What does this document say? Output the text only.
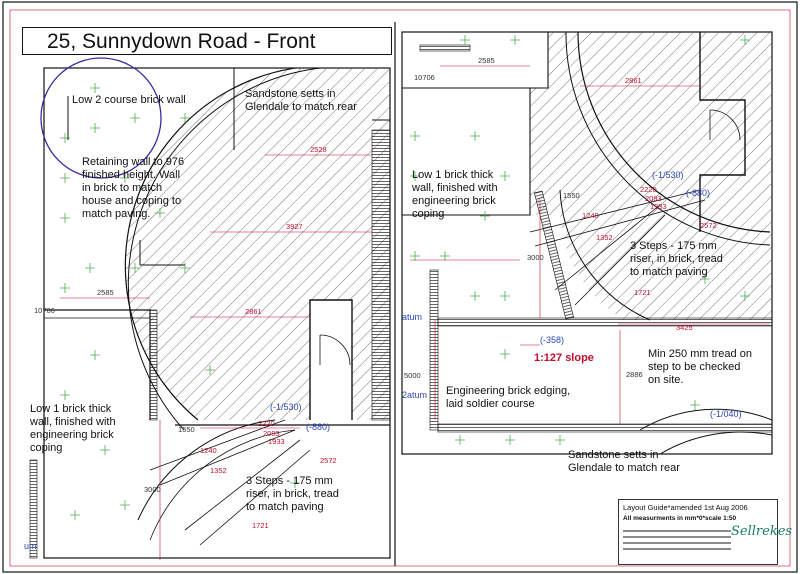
25, Sunnydown Road - Front
Low 2 course brick wall	Sandstone setts in Glendale to match rear
Retaining wall to 976 finished height. Wall in brick to match house and coping to match paving.
Low 1 brick thick wall, finished with engineering brick coping
3 Steps - 175 mm riser, in brick, tread to match paving
Low 1 brick thick wall, finished with engineering brick coping
3 Steps - 175 mm riser, in brick, tread to match paving
1:127 slope	Min 250 mm tread on step to be checked on site.
Engineering brick edging, laid soldier course
Sandstone setts in Glendale to match rear
2528
3927
2585
10706	2861
1550
2220
2093
1933
2572
1240
1352
3000
1721
um
(-1/530)
(-880)
2585
10706	2861
1550
2220
2093
1933
2572
1240
1352
3000
1721
3425
2886
5000
atum
2atum
(-1/530)
(-880)
(-358)
(-1/040)
Layout Guide*amended 1st Aug 2006
All measurments in mm*0*scale 1:50
Sellrekes
